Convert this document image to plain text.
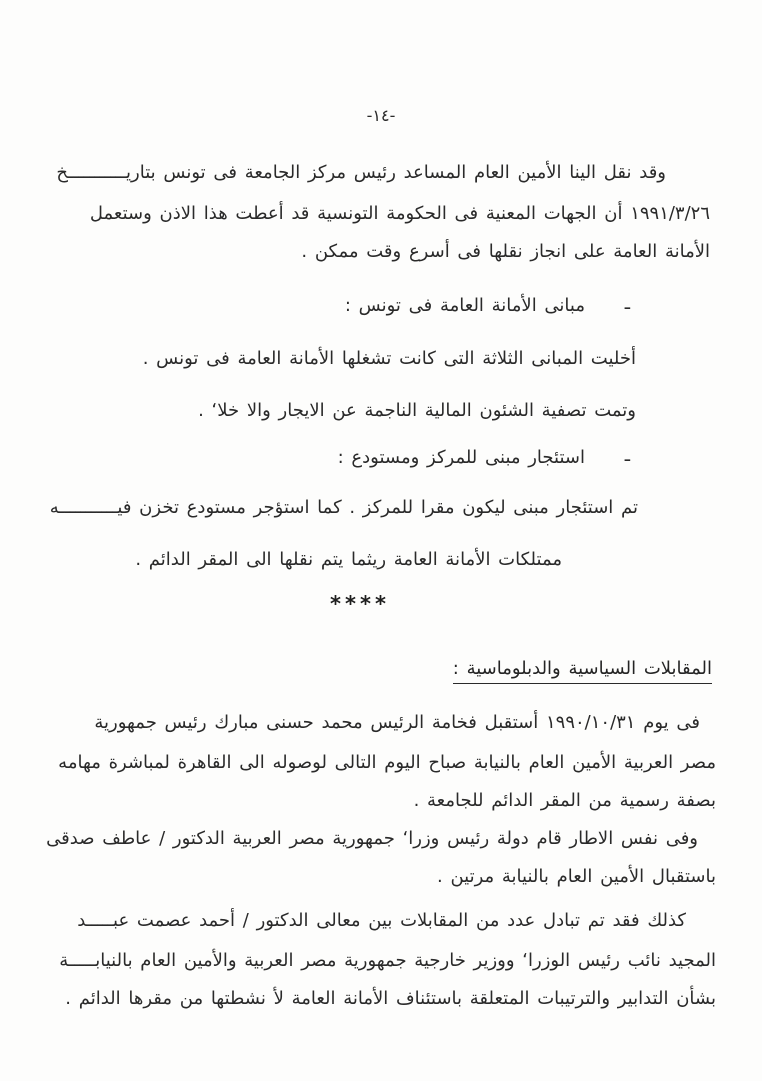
-١٤-
وقد نقل الينا الأمين العام المساعد رئيس مركز الجامعة فى تونس بتاريـــــــــــخ
١٩٩١/٣/٢٦ أن الجهات المعنية فى الحكومة التونسية قد أعطت هذا الاذن وستعمل
الأمانة العامة على انجاز نقلها فى أسرع وقت ممكن .
ـ
مبانى الأمانة العامة فى تونس :
أخليت المبانى الثلاثة التى كانت تشغلها الأمانة العامة فى تونس .
وتمت تصفية الشئون المالية الناجمة عن الايجار والا خلا‘ .
ـ
استئجار مبنى للمركز ومستودع :
تم استئجار مبنى ليكون مقرا للمركز . كما استؤجر مستودع تخزن فيـــــــــــه
ممتلكات الأمانة العامة ريثما يتم نقلها الى المقر الدائم .
****
المقابلات السياسية والدبلوماسية :
فى يوم ١٩٩٠/١٠/٣١ أستقبل فخامة الرئيس محمد حسنى مبارك رئيس جمهورية
مصر العربية الأمين العام بالنيابة صباح اليوم التالى لوصوله الى القاهرة لمباشرة مهامه
بصفة رسمية من المقر الدائم للجامعة .
وفى نفس الاطار قام دولة رئيس وزرا‘ جمهورية مصر العربية الدكتور / عاطف صدقى
باستقبال الأمين العام بالنيابة مرتين .
كذلك فقد تم تبادل عدد من المقابلات بين معالى الدكتور / أحمد عصمت عبـــــد
المجيد نائب رئيس الوزرا‘ ووزير خارجية جمهورية مصر العربية والأمين العام بالنيابـــــة
بشأن التدابير والترتيبات المتعلقة باستئناف الأمانة العامة لأ نشطتها من مقرها الدائم .
